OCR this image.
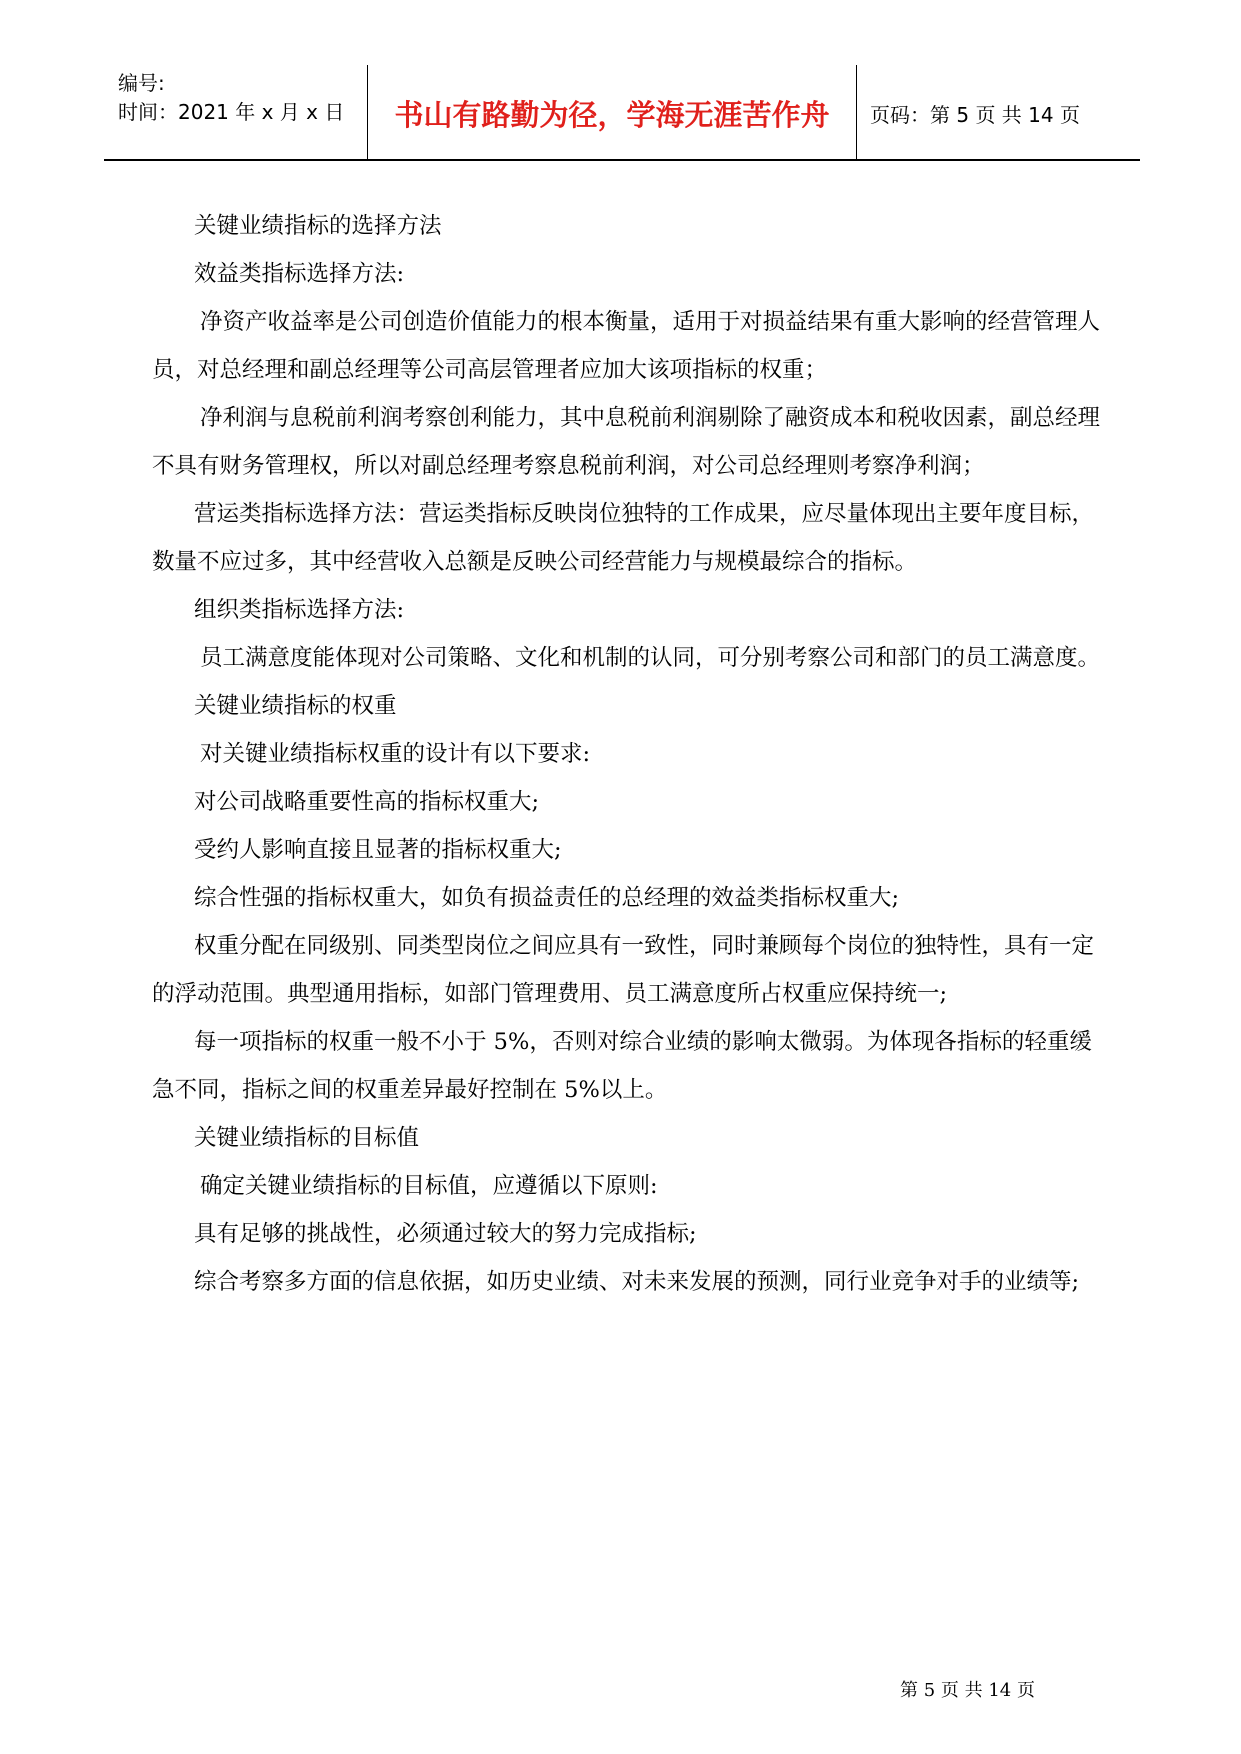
编号:
时间：2021 年 x 月 x 日	书山有路勤为径，学海无涯苦作舟	页码：第 5 页 共 14 页

关键业绩指标的选择方法

效益类指标选择方法:

净资产收益率是公司创造价值能力的根本衡量，适用于对损益结果有重大影响的经营管理人员，对总经理和副总经理等公司高层管理者应加大该项指标的权重；

净利润与息税前利润考察创利能力，其中息税前利润剔除了融资成本和税收因素，副总经理不具有财务管理权，所以对副总经理考察息税前利润，对公司总经理则考察净利润；

营运类指标选择方法：营运类指标反映岗位独特的工作成果，应尽量体现出主要年度目标，数量不应过多，其中经营收入总额是反映公司经营能力与规模最综合的指标。

组织类指标选择方法:

员工满意度能体现对公司策略、文化和机制的认同，可分别考察公司和部门的员工满意度。

关键业绩指标的权重

对关键业绩指标权重的设计有以下要求:

对公司战略重要性高的指标权重大;

受约人影响直接且显著的指标权重大;

综合性强的指标权重大，如负有损益责任的总经理的效益类指标权重大;

权重分配在同级别、同类型岗位之间应具有一致性，同时兼顾每个岗位的独特性，具有一定的浮动范围。典型通用指标，如部门管理费用、员工满意度所占权重应保持统一;

每一项指标的权重一般不小于 5%，否则对综合业绩的影响太微弱。为体现各指标的轻重缓急不同，指标之间的权重差异最好控制在 5%以上。

关键业绩指标的目标值

确定关键业绩指标的目标值，应遵循以下原则:

具有足够的挑战性，必须通过较大的努力完成指标;

综合考察多方面的信息依据，如历史业绩、对未来发展的预测，同行业竞争对手的业绩等;

第 5 页 共 14 页
